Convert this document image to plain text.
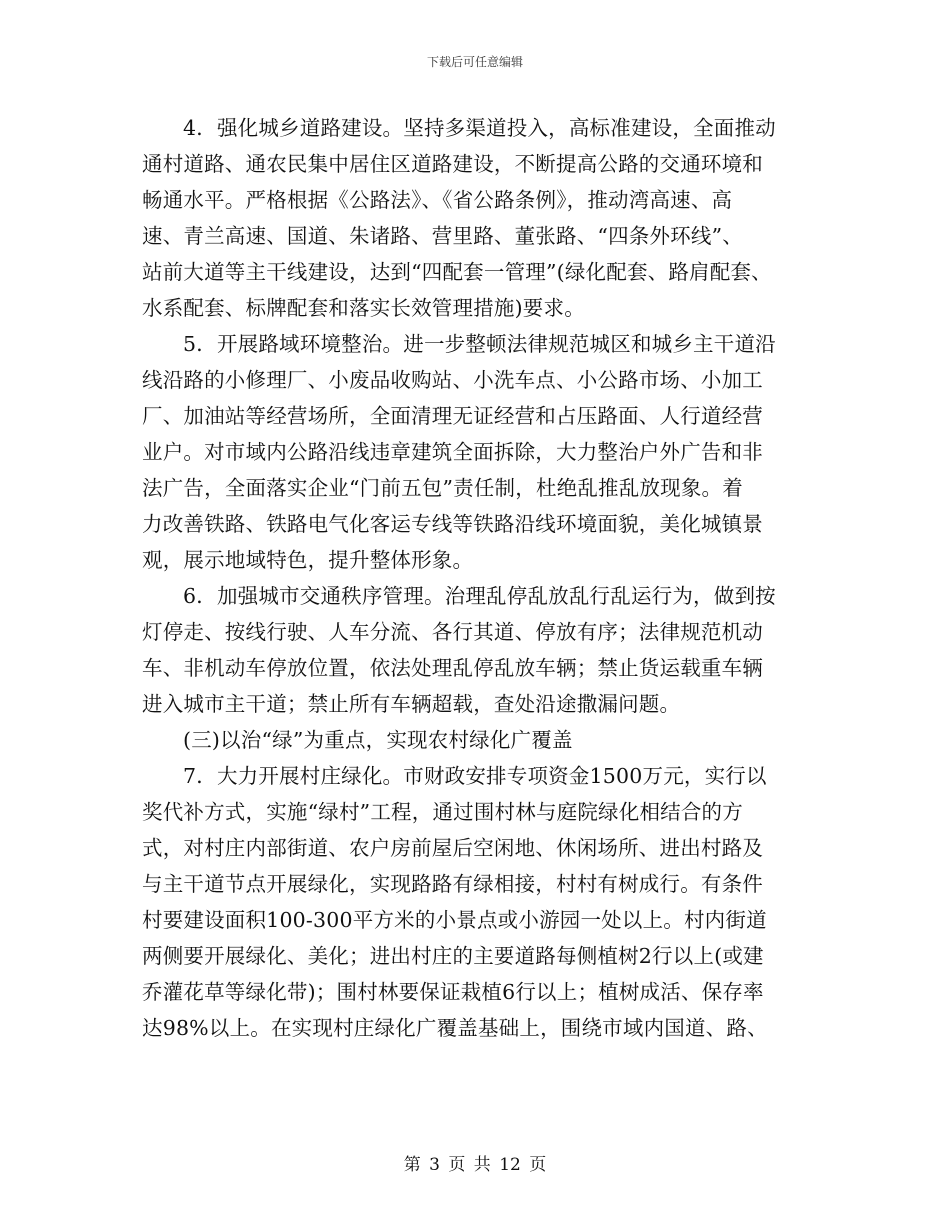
下载后可任意编辑
4．强化城乡道路建设。坚持多渠道投入，高标准建设，全面推动
通村道路、通农民集中居住区道路建设，不断提高公路的交通环境和
畅通水平。严格根据《公路法》、《省公路条例》，推动湾高速、高
速、青兰高速、国道、朱诸路、营里路、董张路、“四条外环线”、
站前大道等主干线建设，达到“四配套一管理”(绿化配套、路肩配套、
水系配套、标牌配套和落实长效管理措施)要求。
5．开展路域环境整治。进一步整顿法律规范城区和城乡主干道沿
线沿路的小修理厂、小废品收购站、小洗车点、小公路市场、小加工
厂、加油站等经营场所，全面清理无证经营和占压路面、人行道经营
业户。对市域内公路沿线违章建筑全面拆除，大力整治户外广告和非
法广告，全面落实企业“门前五包”责任制，杜绝乱推乱放现象。着
力改善铁路、铁路电气化客运专线等铁路沿线环境面貌，美化城镇景
观，展示地域特色，提升整体形象。
6．加强城市交通秩序管理。治理乱停乱放乱行乱运行为，做到按
灯停走、按线行驶、人车分流、各行其道、停放有序；法律规范机动
车、非机动车停放位置，依法处理乱停乱放车辆；禁止货运载重车辆
进入城市主干道；禁止所有车辆超载，查处沿途撒漏问题。
(三)以治“绿”为重点，实现农村绿化广覆盖
7．大力开展村庄绿化。市财政安排专项资金1500万元，实行以
奖代补方式，实施“绿村”工程，通过围村林与庭院绿化相结合的方
式，对村庄内部街道、农户房前屋后空闲地、休闲场所、进出村路及
与主干道节点开展绿化，实现路路有绿相接，村村有树成行。有条件
村要建设面积100-300平方米的小景点或小游园一处以上。村内街道
两侧要开展绿化、美化；进出村庄的主要道路每侧植树2行以上(或建
乔灌花草等绿化带)；围村林要保证栽植6行以上；植树成活、保存率
达98%以上。在实现村庄绿化广覆盖基础上，围绕市域内国道、路、
第 3 页 共 12 页
